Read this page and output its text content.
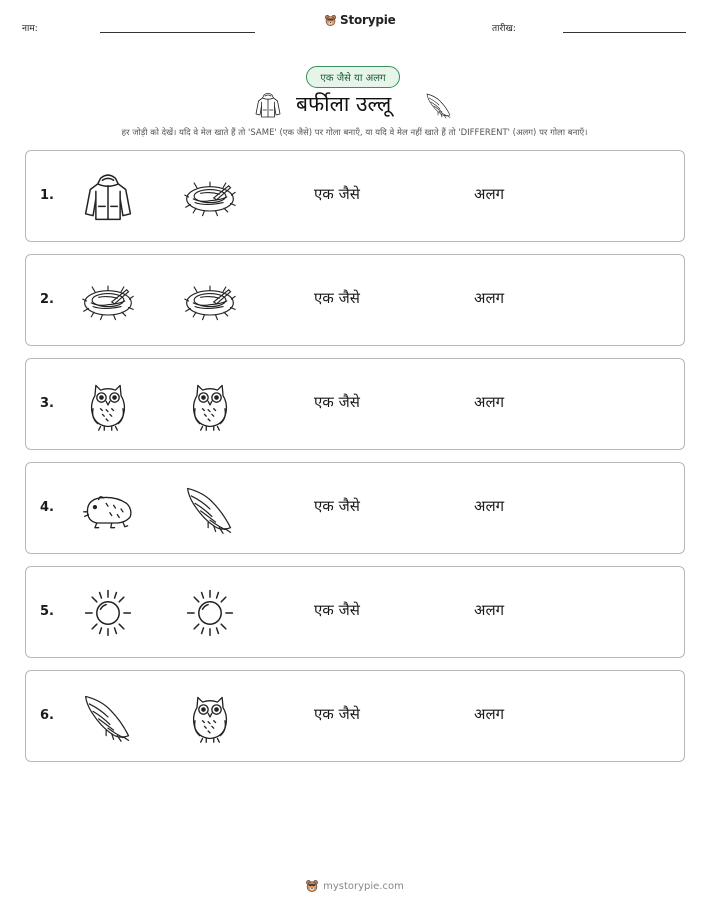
नाम:
Storypie
तारीख:
एक जैसे या अलग
बर्फीला उल्लू
हर जोड़ी को देखें। यदि वे मेल खाते हैं तो 'SAME' (एक जैसे) पर गोला बनाएँ, या यदि वे मेल नहीं खाते हैं तो 'DIFFERENT' (अलग) पर गोला बनाएँ।
1.	एक जैसे	अलग
2.	एक जैसे	अलग
3.	एक जैसे	अलग
4.	एक जैसे	अलग
5.	एक जैसे	अलग
6.	एक जैसे	अलग
mystorypie.com
